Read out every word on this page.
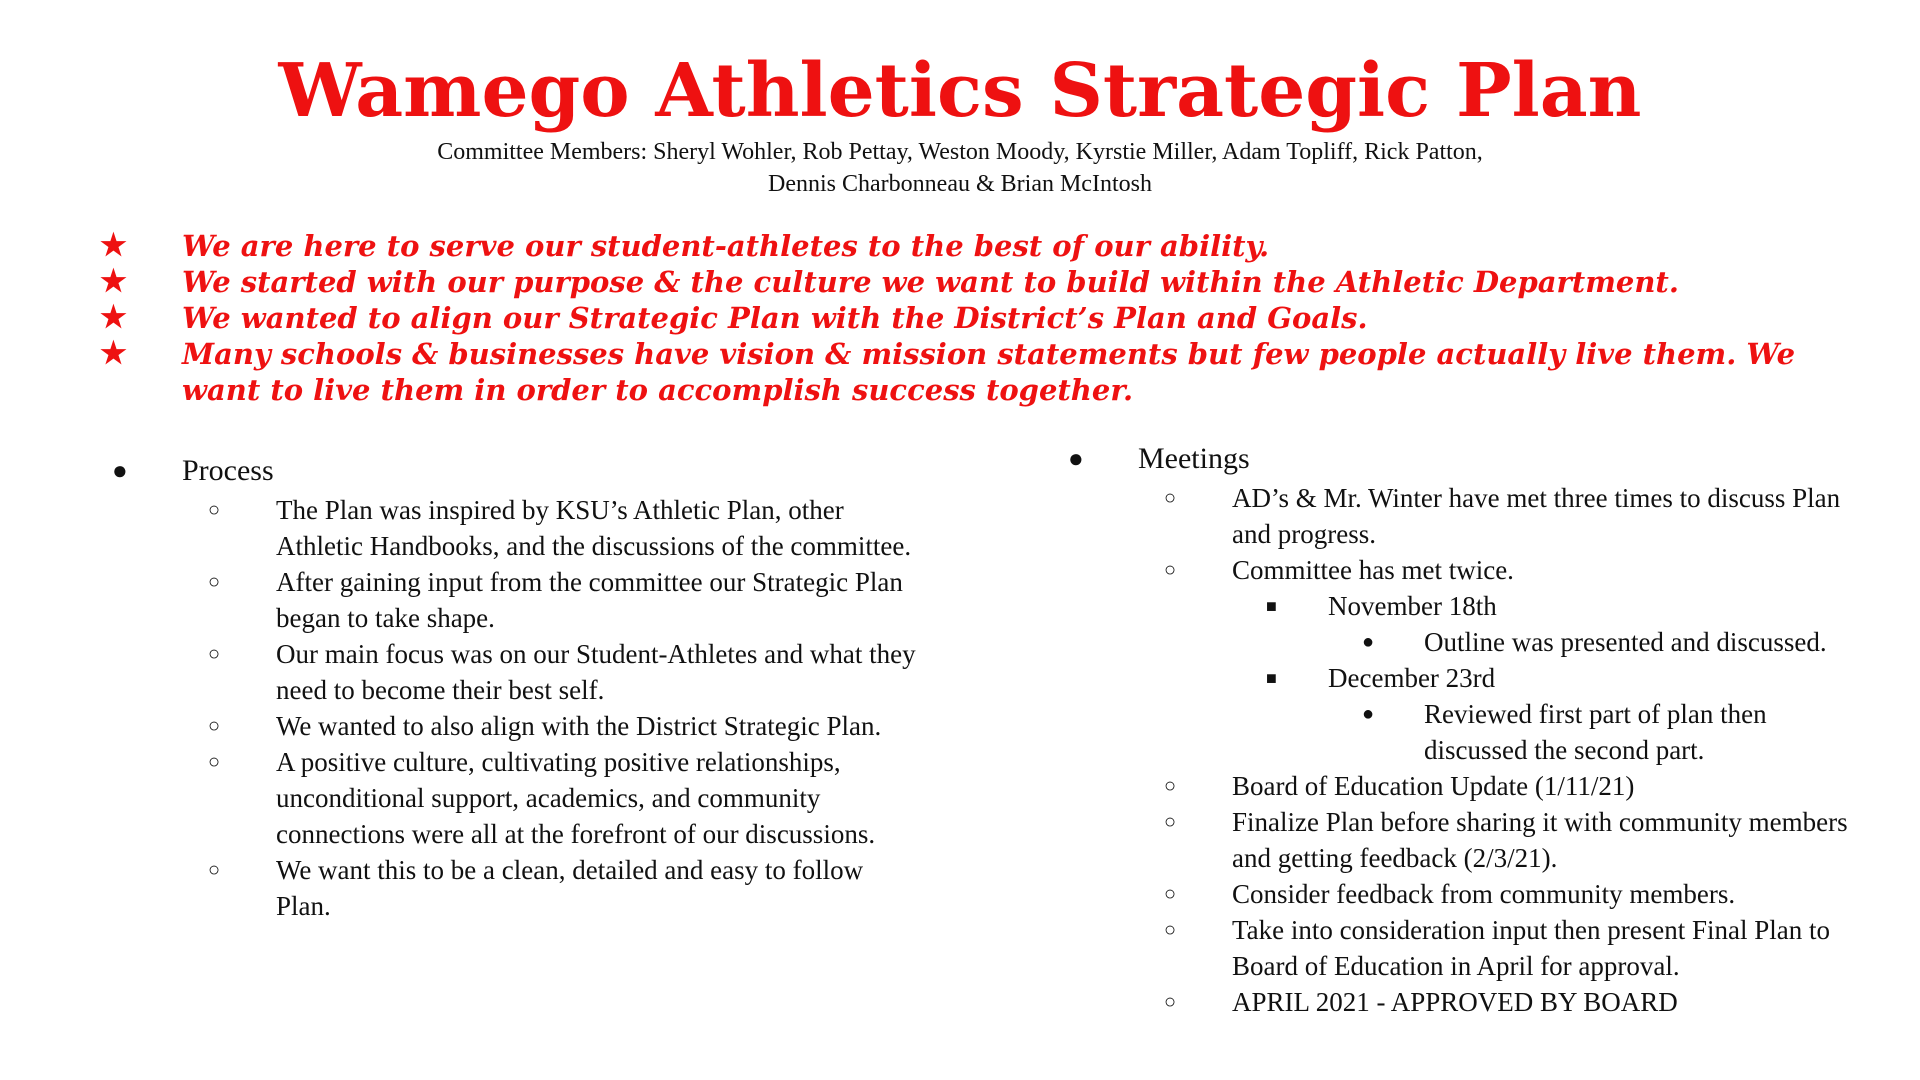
Wamego Athletics Strategic Plan
Committee Members: Sheryl Wohler, Rob Pettay, Weston Moody, Kyrstie Miller, Adam Topliff, Rick Patton,
Dennis Charbonneau & Brian McIntosh
★ We are here to serve our student-athletes to the best of our ability.
★ We started with our purpose & the culture we want to build within the Athletic Department.
★ We wanted to align our Strategic Plan with the District’s Plan and Goals.
★ Many schools & businesses have vision & mission statements but few people actually live them. We want to live them in order to accomplish success together.
● Process
○ The Plan was inspired by KSU’s Athletic Plan, other Athletic Handbooks, and the discussions of the committee.
○ After gaining input from the committee our Strategic Plan began to take shape.
○ Our main focus was on our Student-Athletes and what they need to become their best self.
○ We wanted to also align with the District Strategic Plan.
○ A positive culture, cultivating positive relationships, unconditional support, academics, and community connections were all at the forefront of our discussions.
○ We want this to be a clean, detailed and easy to follow Plan.
● Meetings
○ AD’s & Mr. Winter have met three times to discuss Plan and progress.
○ Committee has met twice.
■ November 18th
● Outline was presented and discussed.
■ December 23rd
● Reviewed first part of plan then discussed the second part.
○ Board of Education Update (1/11/21)
○ Finalize Plan before sharing it with community members and getting feedback (2/3/21).
○ Consider feedback from community members.
○ Take into consideration input then present Final Plan to Board of Education in April for approval.
○ APRIL 2021 - APPROVED BY BOARD
